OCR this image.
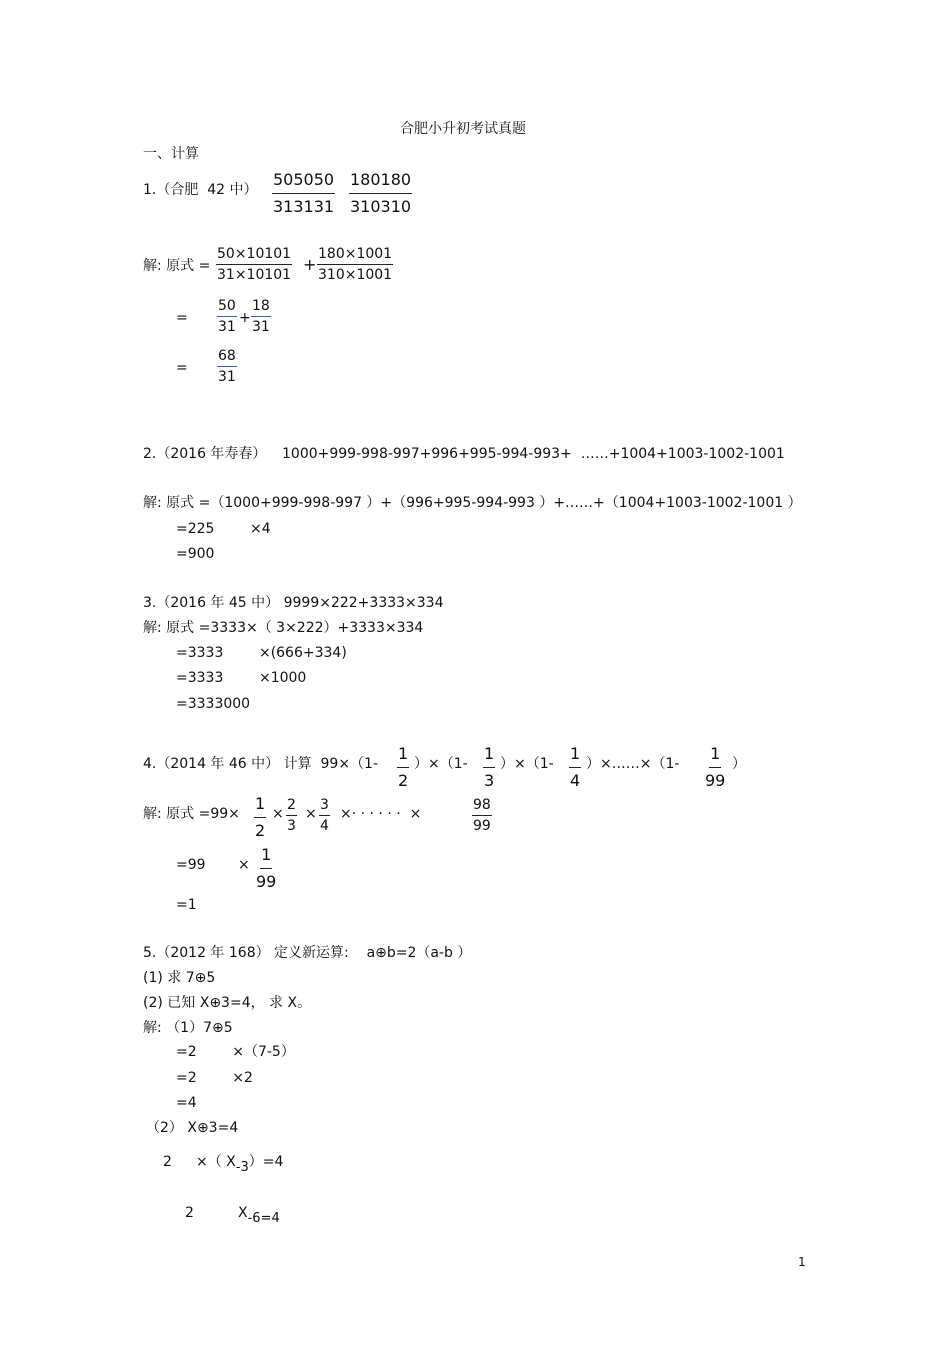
合肥小升初考试真题
一、计算
1.（合肥  42 中） $\frac{505050}{313131} \frac{180180}{310310}$
解: 原式 = $\frac{50\times 10101}{31\times 10101} + \frac{180\times 1001}{310\times 1001}$
= $\frac{50}{31} + \frac{18}{31}$
= $\frac{68}{31}$
2.（2016 年寿春） 1000+999-998-997+996+995-994-993+  ……+1004+1003-1002-1001
解: 原式 =（1000+999-998-997 ）+（996+995-994-993 ）+……+（1004+1003-1002-1001 ）
=225        ×4
=900
3.（2016 年 45 中） 9999×222+3333×334
解: 原式 =3333×（ 3×222）+3333×334
=3333        ×(666+334)
=3333        ×1000
=3333000
4.（2014 年 46 中） 计算  $99\times(1- \frac{1}{2} )\times(1- \frac{1}{3} )\times(1- \frac{1}{4}$ ）×……×（1- $\frac{1}{99}$ ）
解: 原式 $=99\times \frac{1}{2} \times \frac{2}{3} \times \frac{3}{4}$ ×· · · · · ·  ×	$\frac{98}{99}$
$=99 \times \frac{1}{99}$
=1
5.（2012 年 168） 定义新运算:    a⊕b=2（a-b ）
(1) 求 7⊕5
(2) 已知 X⊕3=4， 求 X。
解: （1）7⊕5
=2        ×（7-5）
=2        ×2
=4
（2） X⊕3=4
2 ×（ X-3）=4
2	X-6=4
1
